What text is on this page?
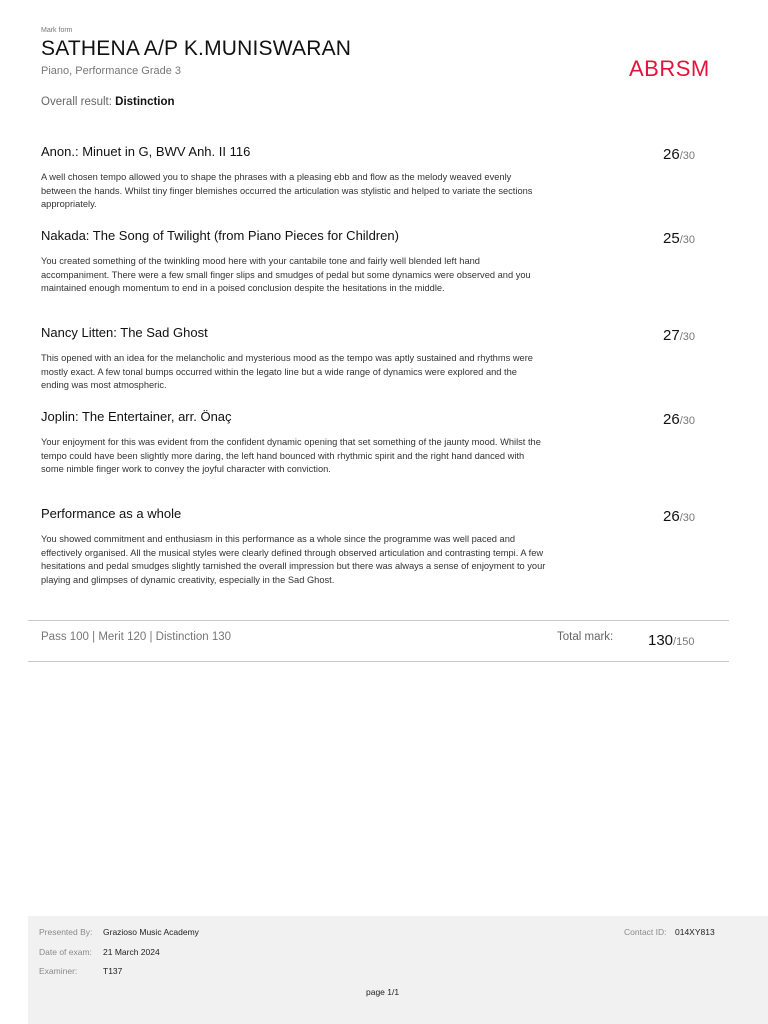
Mark form
SATHENA A/P K.MUNISWARAN
Piano, Performance Grade 3	ABRSM
Overall result: Distinction
Anon.: Minuet in G, BWV Anh. II 116	26/30
A well chosen tempo allowed you to shape the phrases with a pleasing ebb and flow as the melody weaved evenly between the hands. Whilst tiny finger blemishes occurred the articulation was stylistic and helped to variate the sections appropriately.
Nakada: The Song of Twilight (from Piano Pieces for Children)	25/30
You created something of the twinkling mood here with your cantabile tone and fairly well blended left hand accompaniment. There were a few small finger slips and smudges of pedal but some dynamics were observed and you maintained enough momentum to end in a poised conclusion despite the hesitations in the middle.
Nancy Litten: The Sad Ghost	27/30
This opened with an idea for the melancholic and mysterious mood as the tempo was aptly sustained and rhythms were mostly exact. A few tonal bumps occurred within the legato line but a wide range of dynamics were explored and the ending was most atmospheric.
Joplin: The Entertainer, arr. Önaç	26/30
Your enjoyment for this was evident from the confident dynamic opening that set something of the jaunty mood. Whilst the tempo could have been slightly more daring, the left hand bounced with rhythmic spirit and the right hand danced with some nimble finger work to convey the joyful character with conviction.
Performance as a whole	26/30
You showed commitment and enthusiasm in this performance as a whole since the programme was well paced and effectively organised. All the musical styles were clearly defined through observed articulation and contrasting tempi. A few hesitations and pedal smudges slightly tarnished the overall impression but there was always a sense of enjoyment to your playing and glimpses of dynamic creativity, especially in the Sad Ghost.
Pass 100 | Merit 120 | Distinction 130	Total mark: 130/150
Presented By: Grazioso Music Academy
Date of exam: 21 March 2024
Examiner:	T137
Contact ID: 014XY813
page 1/1
